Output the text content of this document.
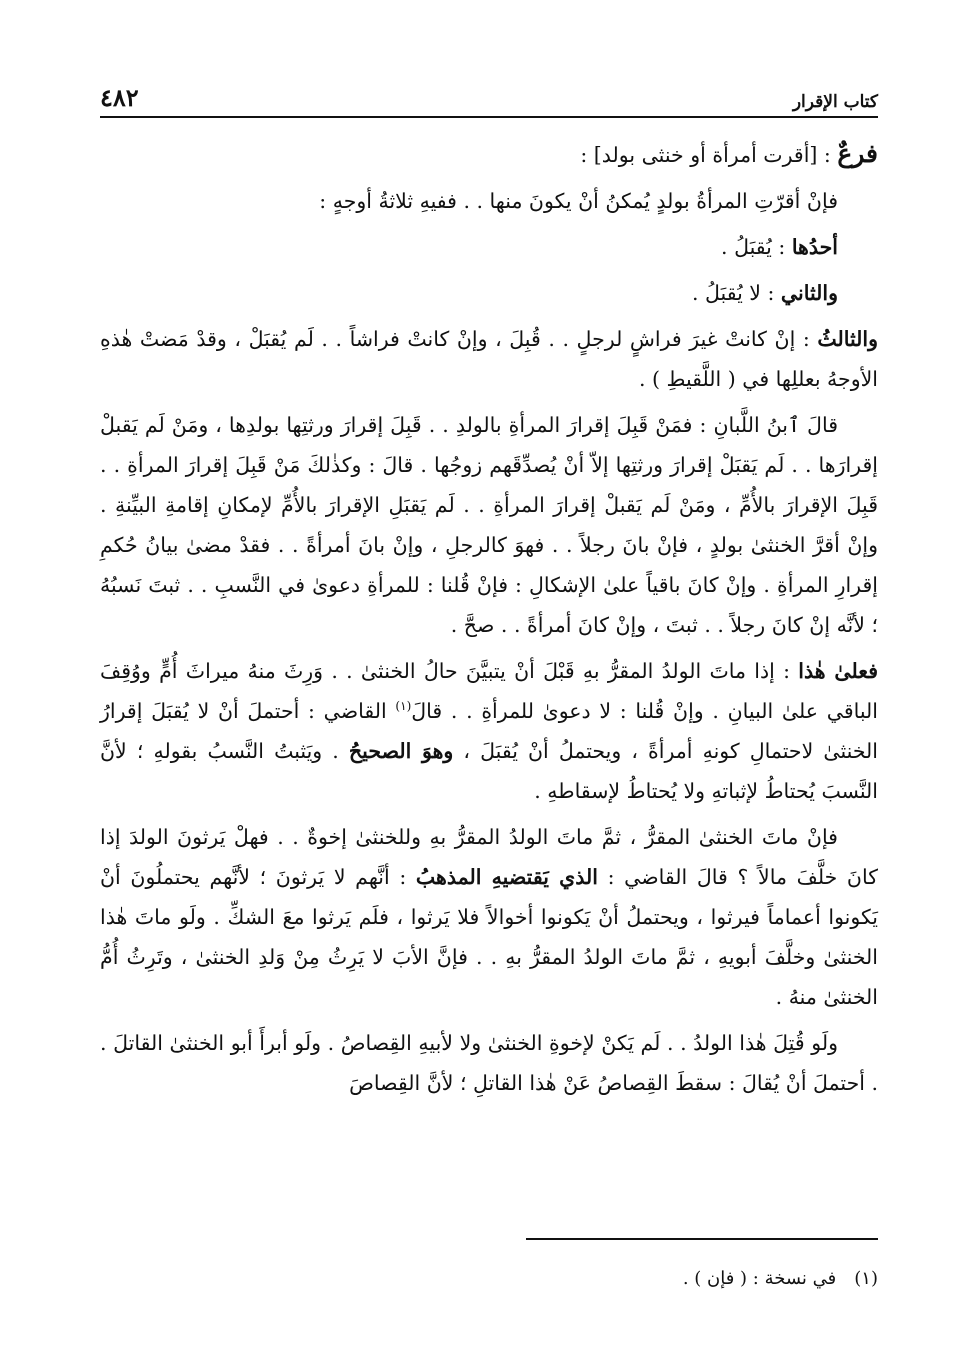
كتاب الإقرار
٤٨٢

فرعٌ : [أقرت أمرأة أو خنثى بولد] :

فإنْ أقرّتِ المرأةُ بولدٍ يُمكنُ أنْ يكونَ منها . . ففيهِ ثلاثةُ أوجهٍ :

أحدُها : يُقبَلُ .

والثاني : لا يُقبَلُ .

والثالثُ : إنْ كانتْ غيرَ فراشٍ لرجلٍ . . قُبِلَ ، وإنْ كانتْ فراشاً . . لَم يُقبَلْ ، وقدْ مَضتْ هٰذهِ الأوجهُ بعللِها في ( اللَّقيطِ ) .

قالَ ٱبنُ اللَّبانِ : فمَنْ قَبِلَ إقرارَ المرأةِ بالولدِ . . قَبِلَ إقرارَ ورثتِها بولدِها ، ومَنْ لَم يَقبلْ إقرارَها . . لَم يَقبَلْ إقرارَ ورثتِها إلاّ أنْ يُصدِّقَهم زوجُها . قالَ : وكذٰلكَ مَنْ قَبِلَ إقرارَ المرأةِ . . قَبِلَ الإقرارَ بالأُمِّ ، ومَنْ لَم يَقبلْ إقرارَ المرأةِ . . لَم يَقبَلِ الإقرارَ بالأُمِّ لإمكانِ إقامةِ البيِّنةِ . وإنْ أقرَّ الخنثىٰ بولدٍ ، فإنْ بانَ رجلاً . . فهوَ كالرجلِ ، وإنْ بانَ أمرأةً . . فقدْ مضىٰ بيانُ حُكمِ إقرارِ المرأةِ . وإنْ كانَ باقياً علىٰ الإشكالِ : فإنْ قُلنا : للمرأةِ دعوىٰ في النَّسبِ . . ثبتَ نَسبُهُ ؛ لأنَّه إنْ كانَ رجلاً . . ثبتَ ، وإنْ كانَ أمرأةً . . صحَّ .

فعلىٰ هٰذا : إذا ماتَ الولدُ المقرُّ بهِ قَبْلَ أنْ يتبيَّنَ حالُ الخنثىٰ . . وَرِثَ منهُ ميراثَ أُمٍّ ووُقِفَ الباقي علىٰ البيانِ . وإنْ قُلنا : لا دعوىٰ للمرأةِ . . قالَ$^{(١)}$ القاضي : أحتملَ أنْ لا يُقبَلَ إقرارُ الخنثىٰ لاحتمالِ كونهِ أمرأةً ، ويحتملُ أنْ يُقبَلَ ، وهوَ الصحيحُ . ويَثبتُ النَّسبُ بقولهِ ؛ لأنَّ النَّسبَ يُحتاطُ لإثباتهِ ولا يُحتاطُ لإسقاطهِ .

فإنْ ماتَ الخنثىٰ المقرُّ ، ثمَّ ماتَ الولدُ المقرُّ بهِ وللخنثىٰ إخوةٌ . . فهلْ يَرثونَ الولدَ إذا كانَ خلَّفَ مالاً ؟ قالَ القاضي : الذي يَقتضيهِ المذهبُ : أنَّهم لا يَرثونَ ؛ لأنَّهم يحتملُونَ أنْ يَكونوا أعماماً فيرثوا ، ويحتملُ أنْ يَكونوا أخوالاً فلا يَرثوا ، فلَم يَرثوا معَ الشكِّ . ولَو ماتَ هٰذا الخنثىٰ وخلَّفَ أبويهِ ، ثمَّ ماتَ الولدُ المقرُّ بهِ . . فإنَّ الأبَ لا يَرِثُ مِنْ وَلدِ الخنثىٰ ، وتَرِثُ أُمُّ الخنثىٰ منهُ .

ولَو قُتِلَ هٰذا الولدُ . . لَم يَكنْ لإخوةِ الخنثىٰ ولا لأبيهِ القِصاصُ . ولَو أبرأَ أبو الخنثىٰ القاتلَ . . أحتملَ أنْ يُقالَ : سقطَ القِصاصُ عَنْ هٰذا القاتلِ ؛ لأنَّ القِصاصَ

(١)في نسخة : ( فإن ) .
